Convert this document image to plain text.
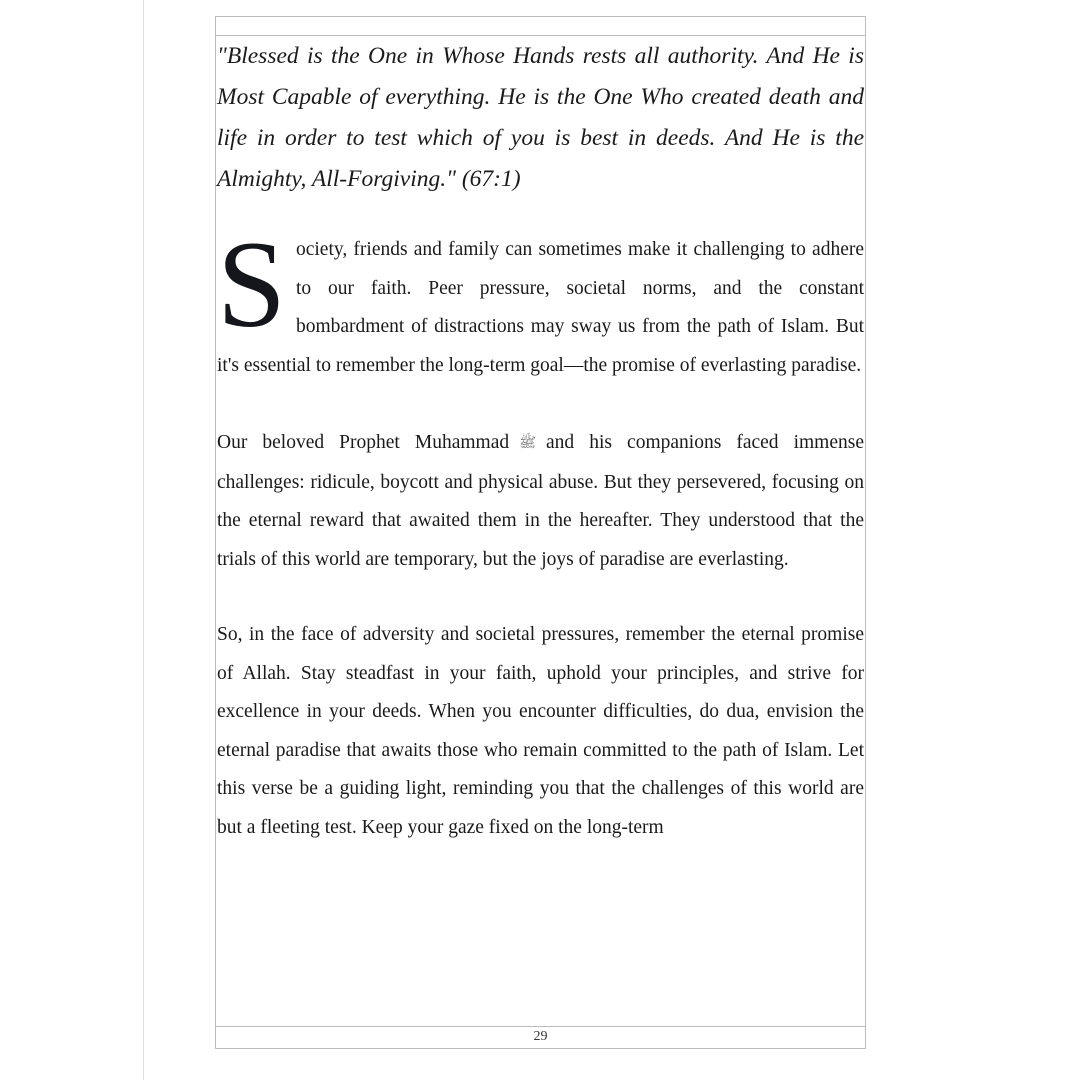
"Blessed is the One in Whose Hands rests all authority. And He is Most Capable of everything. He is the One Who created death and life in order to test which of you is best in deeds. And He is the Almighty, All-Forgiving." (67:1)

Society, friends and family can sometimes make it challenging to adhere to our faith. Peer pressure, societal norms, and the constant bombardment of distractions may sway us from the path of Islam. But it's essential to remember the long-term goal—the promise of everlasting paradise.

Our beloved Prophet Muhammad ﷺ and his companions faced immense challenges: ridicule, boycott and physical abuse. But they persevered, focusing on the eternal reward that awaited them in the hereafter. They understood that the trials of this world are temporary, but the joys of paradise are everlasting.

So, in the face of adversity and societal pressures, remember the eternal promise of Allah. Stay steadfast in your faith, uphold your principles, and strive for excellence in your deeds. When you encounter difficulties, do dua, envision the eternal paradise that awaits those who remain committed to the path of Islam. Let this verse be a guiding light, reminding you that the challenges of this world are but a fleeting test. Keep your gaze fixed on the long-term

29
